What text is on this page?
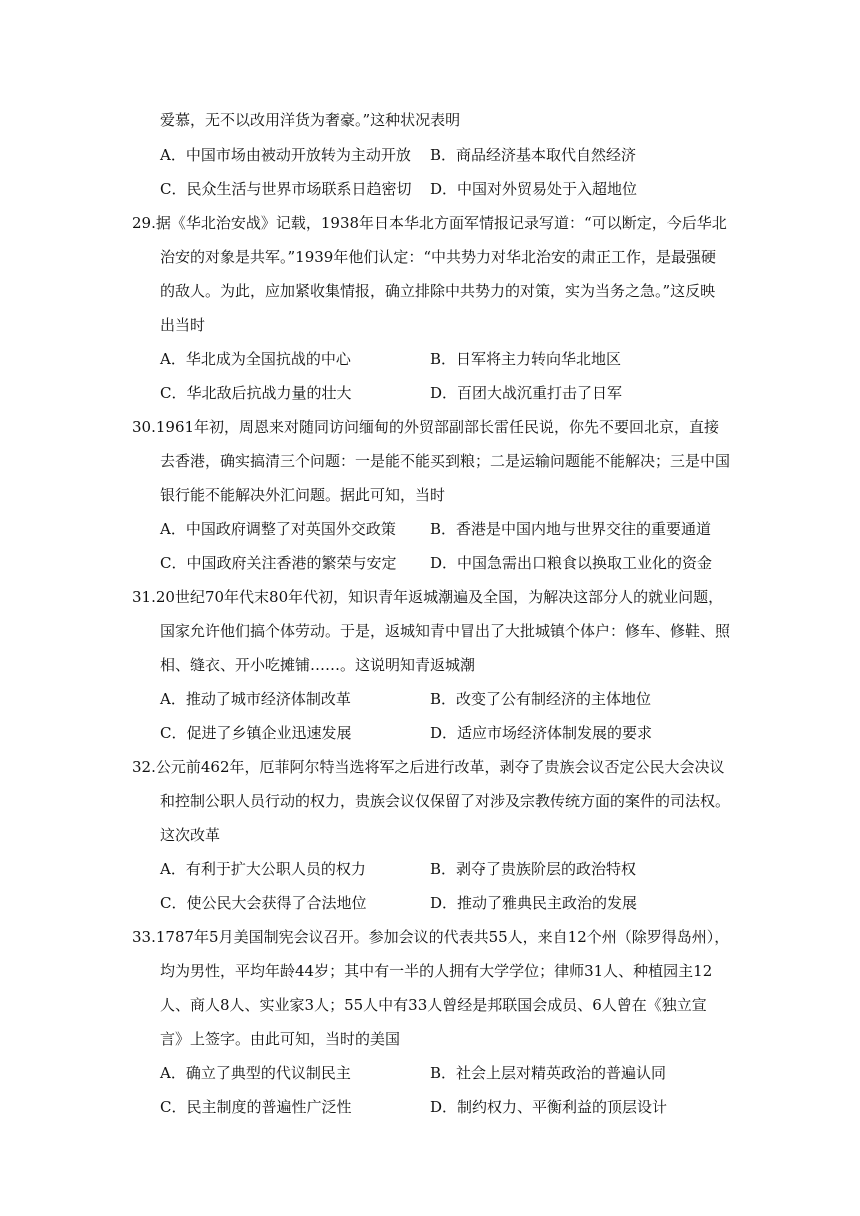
爱慕，无不以改用洋货为奢豪。”这种状况表明
A．中国市场由被动开放转为主动开放 B．商品经济基本取代自然经济
C．民众生活与世界市场联系日趋密切 D．中国对外贸易处于入超地位
29.据《华北治安战》记载，1938年日本华北方面军情报记录写道：“可以断定，今后华北
治安的对象是共军。”1939年他们认定：“中共势力对华北治安的肃正工作，是最强硬
的敌人。为此，应加紧收集情报，确立排除中共势力的对策，实为当务之急。”这反映
出当时
A．华北成为全国抗战的中心	B．日军将主力转向华北地区
C．华北敌后抗战力量的壮大	D．百团大战沉重打击了日军
30.1961年初，周恩来对随同访问缅甸的外贸部副部长雷任民说，你先不要回北京，直接
去香港，确实搞清三个问题：一是能不能买到粮；二是运输问题能不能解决；三是中国
银行能不能解决外汇问题。据此可知，当时
A．中国政府调整了对英国外交政策 B．香港是中国内地与世界交往的重要通道
C．中国政府关注香港的繁荣与安定 D．中国急需出口粮食以换取工业化的资金
31.20世纪70年代末80年代初，知识青年返城潮遍及全国，为解决这部分人的就业问题，
国家允许他们搞个体劳动。于是，返城知青中冒出了大批城镇个体户：修车、修鞋、照
相、缝衣、开小吃摊铺……。这说明知青返城潮
A．推动了城市经济体制改革	B．改变了公有制经济的主体地位
C．促进了乡镇企业迅速发展	D．适应市场经济体制发展的要求
32.公元前462年，厄菲阿尔特当选将军之后进行改革，剥夺了贵族会议否定公民大会决议
和控制公职人员行动的权力，贵族会议仅保留了对涉及宗教传统方面的案件的司法权。
这次改革
A．有利于扩大公职人员的权力	B．剥夺了贵族阶层的政治特权
C．使公民大会获得了合法地位	D．推动了雅典民主政治的发展
33.1787年5月美国制宪会议召开。参加会议的代表共55人，来自12个州（除罗得岛州），
均为男性，平均年龄44岁；其中有一半的人拥有大学学位；律师31人、种植园主12
人、商人8人、实业家3人；55人中有33人曾经是邦联国会成员、6人曾在《独立宣
言》上签字。由此可知，当时的美国
A．确立了典型的代议制民主	B．社会上层对精英政治的普遍认同
C．民主制度的普遍性广泛性	D．制约权力、平衡利益的顶层设计
